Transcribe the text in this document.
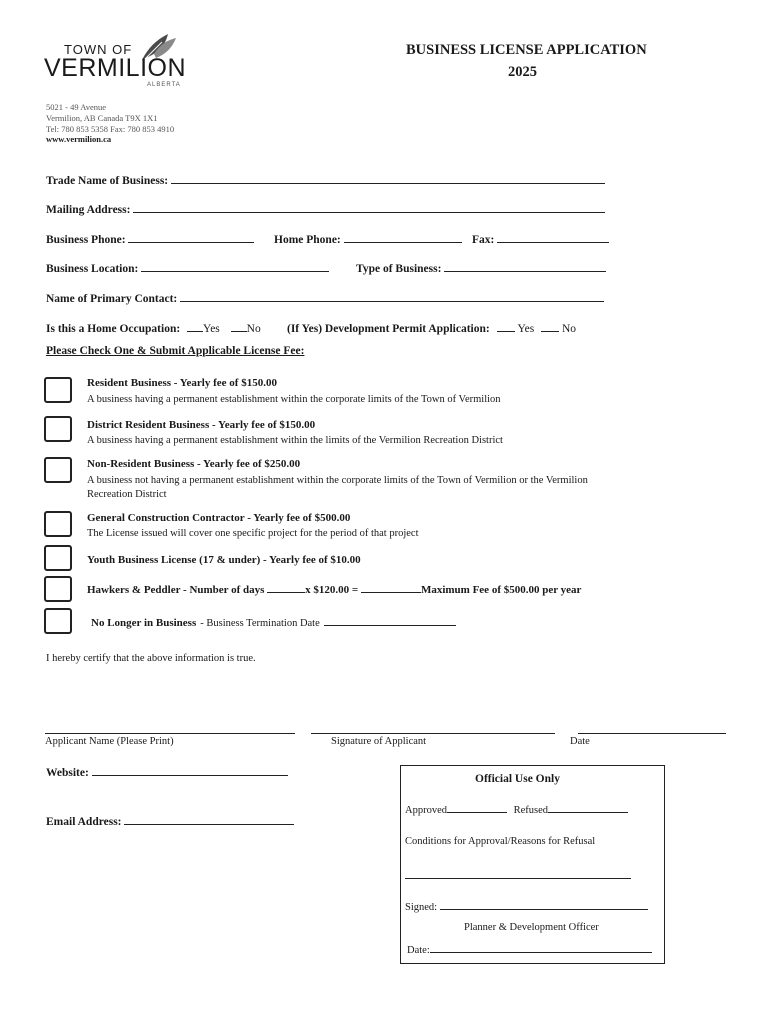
TOWN OF
VERMILION
ALBERTA
5021 - 49 Avenue
Vermilion, AB Canada T9X 1X1
Tel: 780 853 5358 Fax: 780 853 4910
www.vermilion.ca
BUSINESS LICENSE APPLICATION
2025
Trade Name of Business:
Mailing Address:
Business Phone:	Home Phone:	Fax:
Business Location:	Type of Business:
Name of Primary Contact:
Is this a Home Occupation: Yes No (If Yes) Development Permit Application: Yes No
Please Check One & Submit Applicable License Fee:
Resident Business - Yearly fee of $150.00
A business having a permanent establishment within the corporate limits of the Town of Vermilion
District Resident Business - Yearly fee of $150.00
A business having a permanent establishment within the limits of the Vermilion Recreation District
Non-Resident Business - Yearly fee of $250.00
A business not having a permanent establishment within the corporate limits of the Town of Vermilion or the Vermilion
Recreation District
General Construction Contractor - Yearly fee of $500.00
The License issued will cover one specific project for the period of that project
Youth Business License (17 & under) - Yearly fee of $10.00
Hawkers & Peddler - Number of days	x $120.00 =	Maximum Fee of $500.00 per year
No Longer in Business - Business Termination Date
I hereby certify that the above information is true.
Applicant Name (Please Print)	Signature of Applicant	Date
Website:
Email Address:
Official Use Only
Approved	Refused
Conditions for Approval/Reasons for Refusal
Signed:
Planner & Development Officer
Date:
